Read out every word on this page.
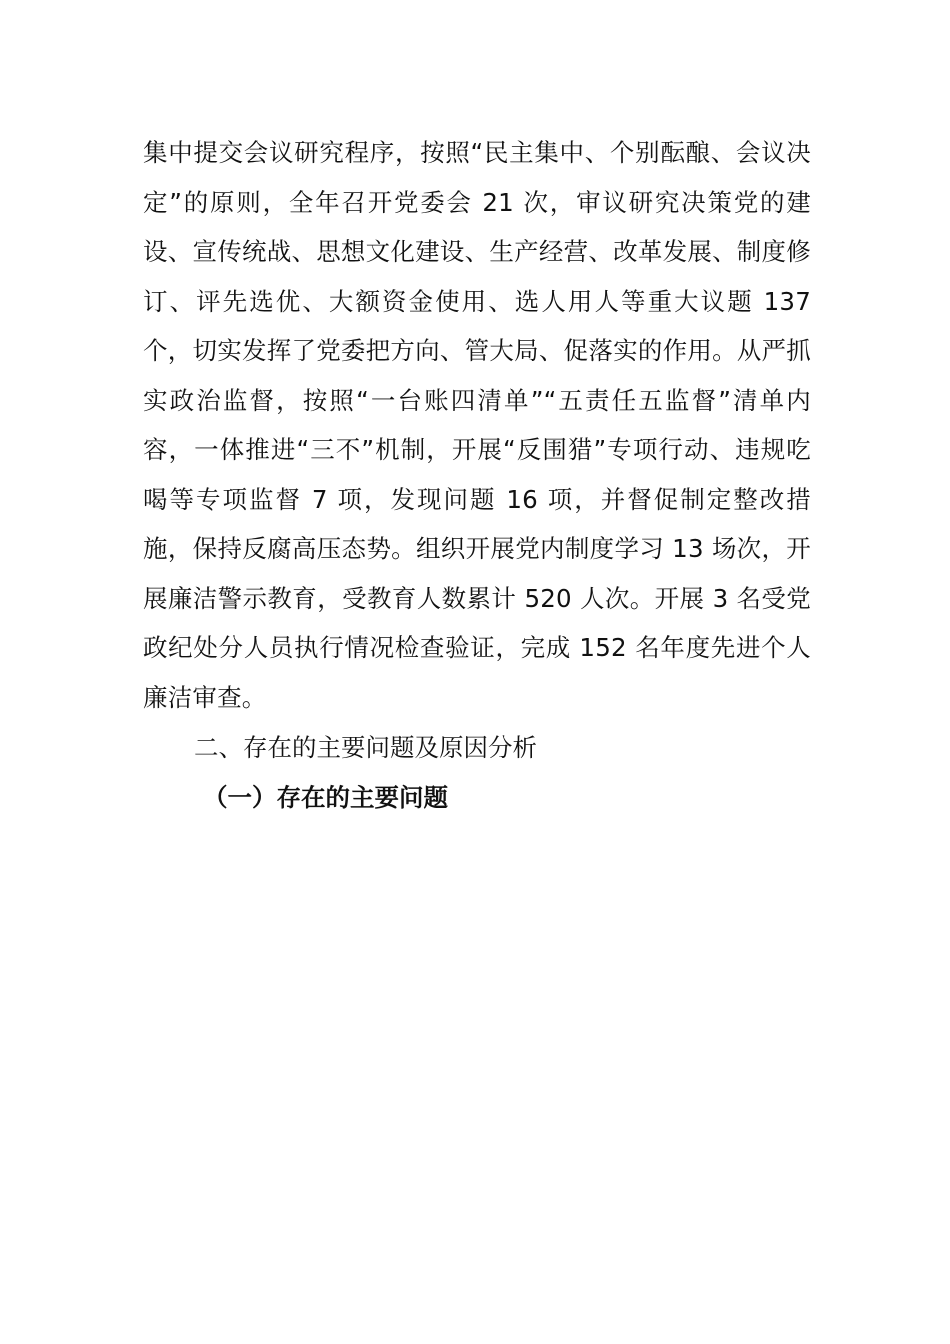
集中提交会议研究程序，按照“民主集中、个别酝酿、会议决定”的原则，全年召开党委会 21 次，审议研究决策党的建设、宣传统战、思想文化建设、生产经营、改革发展、制度修订、评先选优、大额资金使用、选人用人等重大议题 137 个，切实发挥了党委把方向、管大局、促落实的作用。从严抓实政治监督，按照“一台账四清单”“五责任五监督”清单内容，一体推进“三不”机制，开展“反围猎”专项行动、违规吃喝等专项监督 7 项，发现问题 16 项，并督促制定整改措施，保持反腐高压态势。组织开展党内制度学习 13 场次，开展廉洁警示教育，受教育人数累计 520 人次。开展 3 名受党政纪处分人员执行情况检查验证，完成 152 名年度先进个人廉洁审查。

二、存在的主要问题及原因分析
（一）存在的主要问题
